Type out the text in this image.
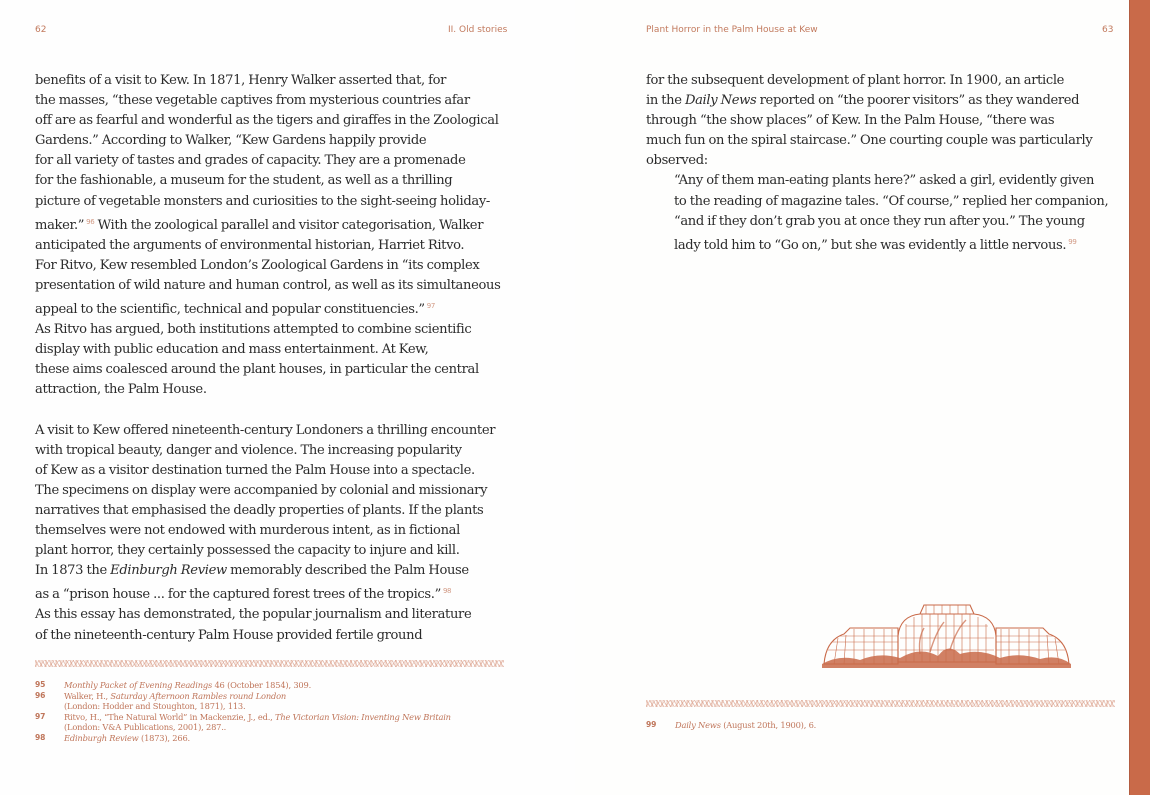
62	II. Old stories
benefits of a visit to Kew. In 1871, Henry Walker asserted that, for
the masses, “these vegetable captives from mysterious countries afar
off are as fearful and wonderful as the tigers and giraffes in the Zoological
Gardens.” According to Walker, “Kew Gardens happily provide
for all variety of tastes and grades of capacity. They are a promenade
for the fashionable, a museum for the student, as well as a thrilling
picture of vegetable monsters and curiosities to the sight-seeing holiday-
maker.” $^{96}$ With the zoological parallel and visitor categorisation, Walker
anticipated the arguments of environmental historian, Harriet Ritvo.
For Ritvo, Kew resembled London’s Zoological Gardens in “its complex
presentation of wild nature and human control, as well as its simultaneous
appeal to the scientific, technical and popular constituencies.” $^{97}$
As Ritvo has argued, both institutions attempted to combine scientific
display with public education and mass entertainment. At Kew,
these aims coalesced around the plant houses, in particular the central
attraction, the Palm House.
A visit to Kew offered nineteenth-century Londoners a thrilling encounter
with tropical beauty, danger and violence. The increasing popularity
of Kew as a visitor destination turned the Palm House into a spectacle.
The specimens on display were accompanied by colonial and missionary
narratives that emphasised the deadly properties of plants. If the plants
themselves were not endowed with murderous intent, as in fictional
plant horror, they certainly possessed the capacity to injure and kill.
In 1873 the Edinburgh Review memorably described the Palm House
as a “prison house ... for the captured forest trees of the tropics.” $^{98}$
As this essay has demonstrated, the popular journalism and literature
of the nineteenth-century Palm House provided fertile ground
95	Monthly Packet of Evening Readings 46 (October 1854), 309.
96	Walker, H., Saturday Afternoon Rambles round London
(London: Hodder and Stoughton, 1871), 113.
97	Ritvo, H., “The Natural World” in Mackenzie, J., ed., The Victorian Vision: Inventing New Britain
(London: V&A Publications, 2001), 287..
98	Edinburgh Review (1873), 266.
Plant Horror in the Palm House at Kew	63
for the subsequent development of plant horror. In 1900, an article
in the Daily News reported on “the poorer visitors” as they wandered
through “the show places” of Kew. In the Palm House, “there was
much fun on the spiral staircase.” One courting couple was particularly
observed:
“Any of them man-eating plants here?” asked a girl, evidently given
to the reading of magazine tales. “Of course,” replied her companion,
“and if they don’t grab you at once they run after you.” The young
lady told him to “Go on,” but she was evidently a little nervous. $^{99}$
99	Daily News (August 20th, 1900), 6.
